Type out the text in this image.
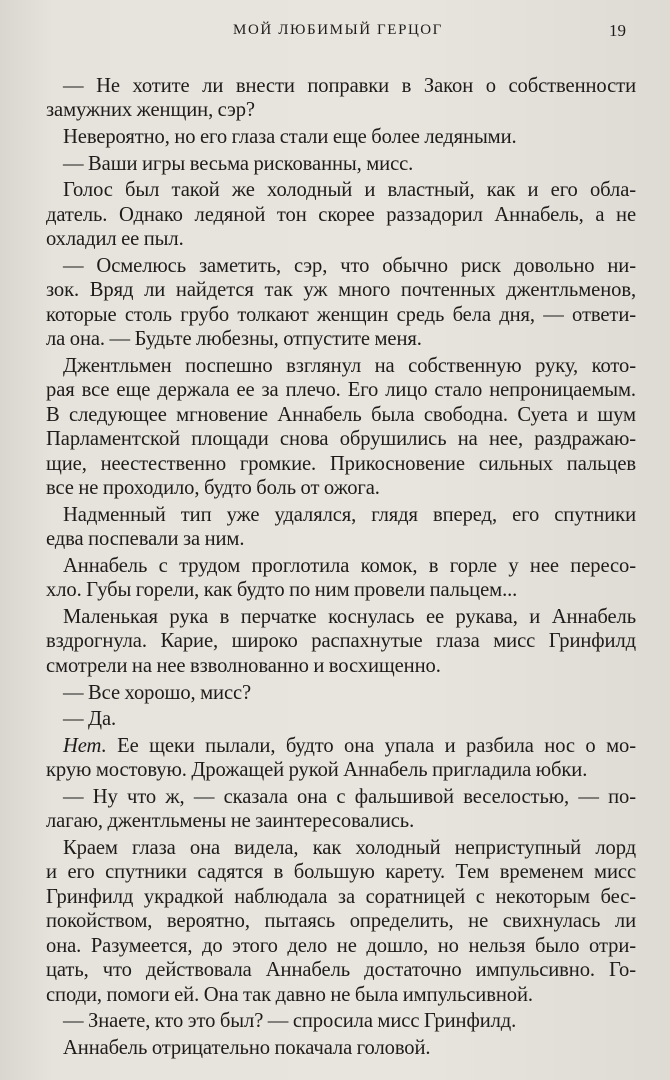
МОЙ ЛЮБИМЫЙ ГЕРЦОГ	19
— Не хотите ли внести поправки в Закон о собственности
замужних женщин, сэр?
Невероятно, но его глаза стали еще более ледяными.
— Ваши игры весьма рискованны, мисс.
Голос был такой же холодный и властный, как и его обла-
датель. Однако ледяной тон скорее раззадорил Аннабель, а не
охладил ее пыл.
— Осмелюсь заметить, сэр, что обычно риск довольно ни-
зок. Вряд ли найдется так уж много почтенных джентльменов,
которые столь грубо толкают женщин средь бела дня, — ответи-
ла она. — Будьте любезны, отпустите меня.
Джентльмен поспешно взглянул на собственную руку, кото-
рая все еще держала ее за плечо. Его лицо стало непроницаемым.
В следующее мгновение Аннабель была свободна. Суета и шум
Парламентской площади снова обрушились на нее, раздражаю-
щие, неестественно громкие. Прикосновение сильных пальцев
все не проходило, будто боль от ожога.
Надменный тип уже удалялся, глядя вперед, его спутники
едва поспевали за ним.
Аннабель с трудом проглотила комок, в горле у нее пересо-
хло. Губы горели, как будто по ним провели пальцем...
Маленькая рука в перчатке коснулась ее рукава, и Аннабель
вздрогнула. Карие, широко распахнутые глаза мисс Гринфилд
смотрели на нее взволнованно и восхищенно.
— Все хорошо, мисс?
— Да.
Нет. Ее щеки пылали, будто она упала и разбила нос о мо-
крую мостовую. Дрожащей рукой Аннабель пригладила юбки.
— Ну что ж, — сказала она с фальшивой веселостью, — по-
лагаю, джентльмены не заинтересовались.
Краем глаза она видела, как холодный неприступный лорд
и его спутники садятся в большую карету. Тем временем мисс
Гринфилд украдкой наблюдала за соратницей с некоторым бес-
покойством, вероятно, пытаясь определить, не свихнулась ли
она. Разумеется, до этого дело не дошло, но нельзя было отри-
цать, что действовала Аннабель достаточно импульсивно. Го-
споди, помоги ей. Она так давно не была импульсивной.
— Знаете, кто это был? — спросила мисс Гринфилд.
Аннабель отрицательно покачала головой.
